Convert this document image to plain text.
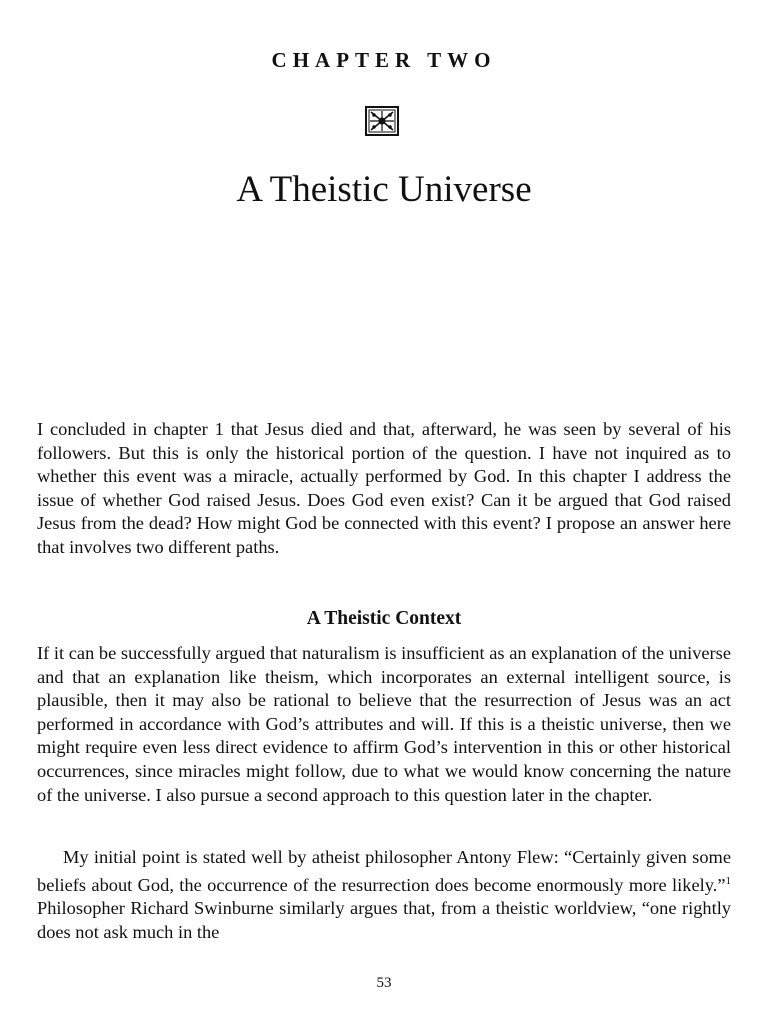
CHAPTER TWO
A Theistic Universe

I concluded in chapter 1 that Jesus died and that, afterward, he was seen by several of his followers. But this is only the historical portion of the question. I have not inquired as to whether this event was a miracle, actually performed by God. In this chapter I address the issue of whether God raised Jesus. Does God even exist? Can it be argued that God raised Jesus from the dead? How might God be connected with this event? I propose an answer here that involves two different paths.

A Theistic Context

If it can be successfully argued that naturalism is insufficient as an explanation of the universe and that an explanation like theism, which incorporates an external intelligent source, is plausible, then it may also be rational to believe that the resurrection of Jesus was an act performed in accordance with God’s attributes and will. If this is a theistic universe, then we might require even less direct evidence to affirm God’s intervention in this or other historical occurrences, since miracles might follow, due to what we would know concerning the nature of the universe. I also pursue a second approach to this question later in the chapter.

My initial point is stated well by atheist philosopher Antony Flew: “Certainly given some beliefs about God, the occurrence of the resurrection does become enormously more likely.”$^1$ Philosopher Richard Swinburne similarly argues that, from a theistic worldview, “one rightly does not ask much in the

53
